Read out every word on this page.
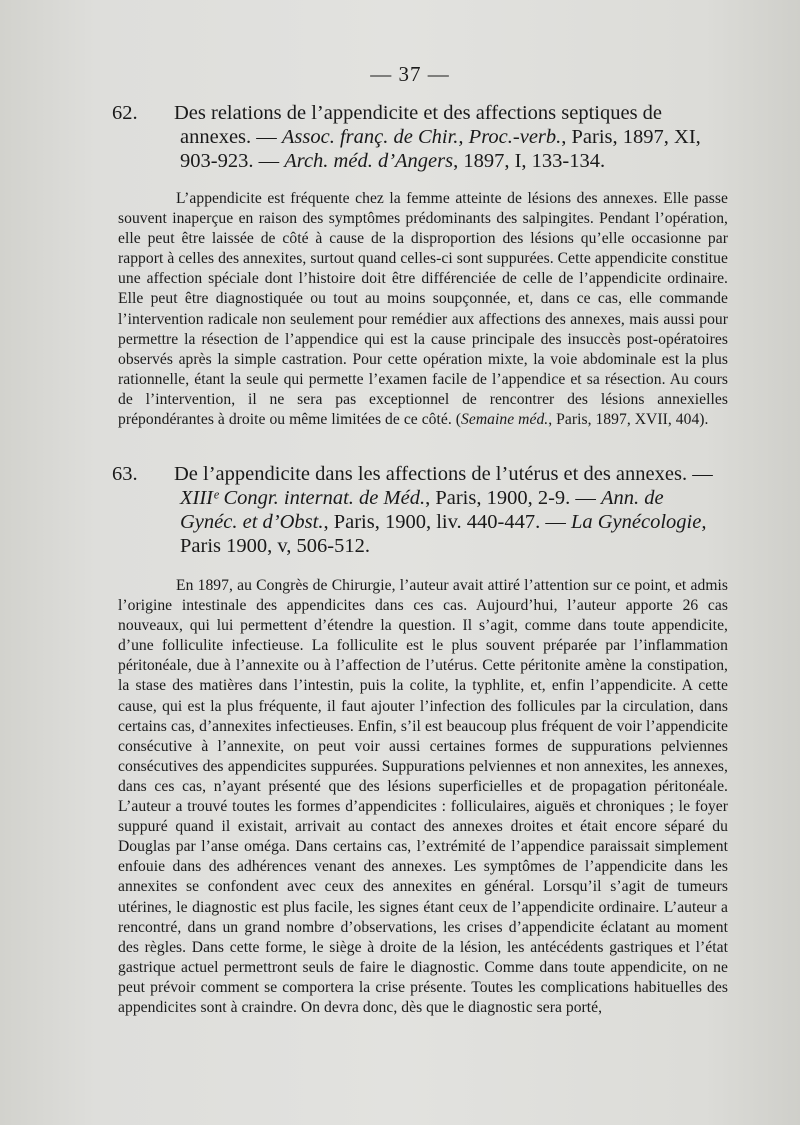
— 37 —
62. Des relations de l’appendicite et des affections septiques de
annexes. — Assoc. franç. de Chir., Proc.-verb., Paris, 1897, XI,
903-923. — Arch. méd. d’Angers, 1897, I, 133-134.

L’appendicite est fréquente chez la femme atteinte de lésions des annexes. Elle passe souvent inaperçue en raison des symptômes prédominants des salpingites. Pendant l’opération, elle peut être laissée de côté à cause de la disproportion des lésions qu’elle occasionne par rapport à celles des annexites, surtout quand celles-ci sont suppurées. Cette appendicite constitue une affection spéciale dont l’histoire doit être différenciée de celle de l’appendicite ordinaire. Elle peut être diagnostiquée ou tout au moins soupçonnée, et, dans ce cas, elle commande l’intervention radicale non seulement pour remédier aux affections des annexes, mais aussi pour permettre la résection de l’appendice qui est la cause principale des insuccès post-opératoires observés après la simple castration. Pour cette opération mixte, la voie abdominale est la plus rationnelle, étant la seule qui permette l’examen facile de l’appendice et sa résection. Au cours de l’intervention, il ne sera pas exceptionnel de rencontrer des lésions annexielles prépondérantes à droite ou même limitées de ce côté. (Semaine méd., Paris, 1897, XVII, 404).

63. De l’appendicite dans les affections de l’utérus et des annexes. —
XIIIᵉ Congr. internat. de Méd., Paris, 1900, 2-9. — Ann. de
Gynéc. et d’Obst., Paris, 1900, liv. 440-447. — La Gynécologie,
Paris 1900, v, 506-512.

En 1897, au Congrès de Chirurgie, l’auteur avait attiré l’attention sur ce point, et admis l’origine intestinale des appendicites dans ces cas. Aujourd’hui, l’auteur apporte 26 cas nouveaux, qui lui permettent d’étendre la question. Il s’agit, comme dans toute appendicite, d’une folliculite infectieuse. La folliculite est le plus souvent préparée par l’inflammation péritonéale, due à l’annexite ou à l’affection de l’utérus. Cette péritonite amène la constipation, la stase des matières dans l’intestin, puis la colite, la typhlite, et, enfin l’appendicite. A cette cause, qui est la plus fréquente, il faut ajouter l’infection des follicules par la circulation, dans certains cas, d’annexites infectieuses. Enfin, s’il est beaucoup plus fréquent de voir l’appendicite consécutive à l’annexite, on peut voir aussi certaines formes de suppurations pelviennes consécutives des appendicites suppurées. Suppurations pelviennes et non annexites, les annexes, dans ces cas, n’ayant présenté que des lésions superficielles et de propagation péritonéale. L’auteur a trouvé toutes les formes d’appendicites : folliculaires, aiguës et chroniques ; le foyer suppuré quand il existait, arrivait au contact des annexes droites et était encore séparé du Douglas par l’anse oméga. Dans certains cas, l’extrémité de l’appendice paraissait simplement enfouie dans des adhérences venant des annexes. Les symptômes de l’appendicite dans les annexites se confondent avec ceux des annexites en général. Lorsqu’il s’agit de tumeurs utérines, le diagnostic est plus facile, les signes étant ceux de l’appendicite ordinaire. L’auteur a rencontré, dans un grand nombre d’observations, les crises d’appendicite éclatant au moment des règles. Dans cette forme, le siège à droite de la lésion, les antécédents gastriques et l’état gastrique actuel permettront seuls de faire le diagnostic. Comme dans toute appendicite, on ne peut prévoir comment se comportera la crise présente. Toutes les complications habituelles des appendicites sont à craindre. On devra donc, dès que le diagnostic sera porté,
